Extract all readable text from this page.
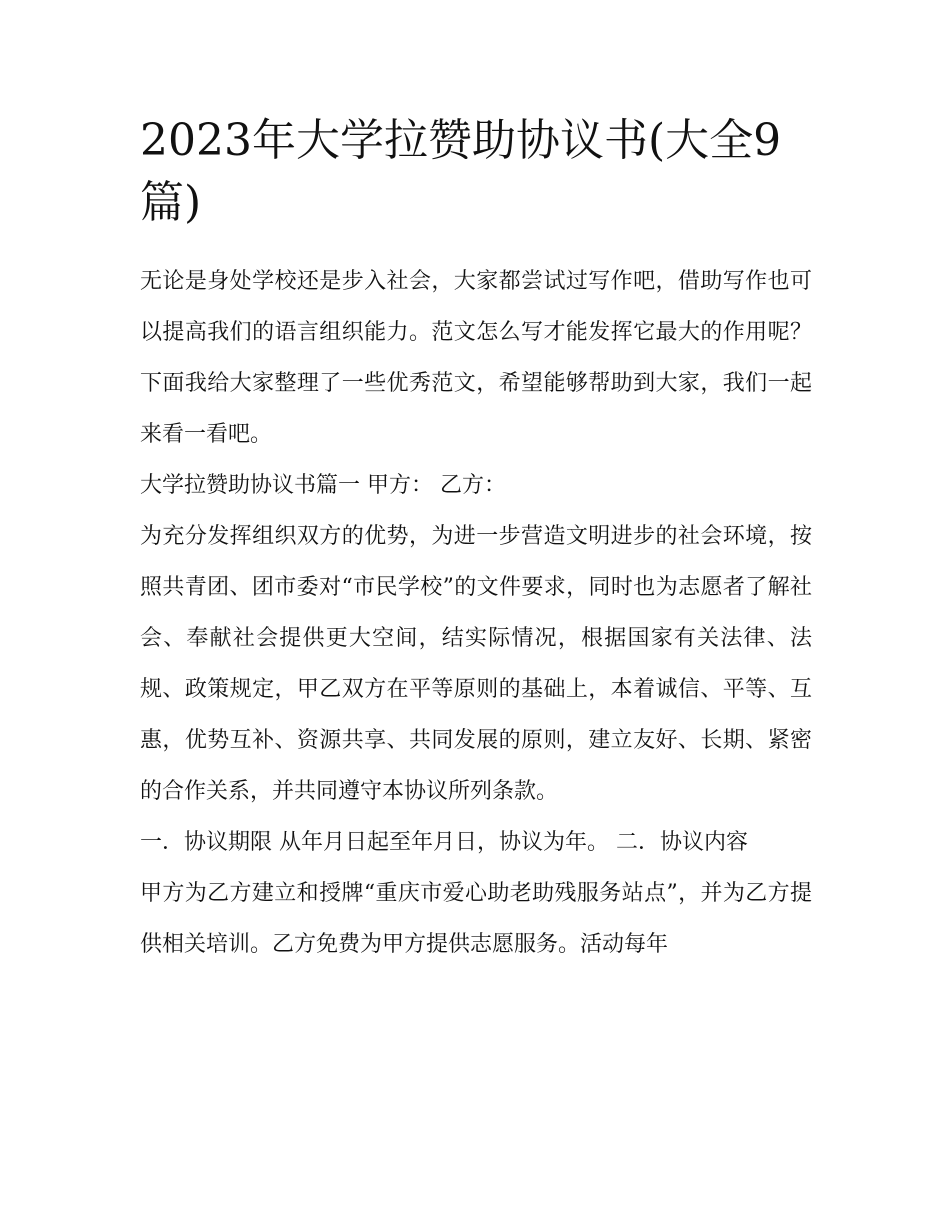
2023年大学拉赞助协议书(大全9篇)

无论是身处学校还是步入社会，大家都尝试过写作吧，借助写作也可以提高我们的语言组织能力。范文怎么写才能发挥它最大的作用呢？下面我给大家整理了一些优秀范文，希望能够帮助到大家，我们一起来看一看吧。

大学拉赞助协议书篇一 甲方： 乙方：

为充分发挥组织双方的优势，为进一步营造文明进步的社会环境，按照共青团、团市委对“市民学校”的文件要求，同时也为志愿者了解社会、奉献社会提供更大空间，结实际情况，根据国家有关法律、法规、政策规定，甲乙双方在平等原则的基础上，本着诚信、平等、互惠，优势互补、资源共享、共同发展的原则，建立友好、长期、紧密的合作关系，并共同遵守本协议所列条款。

一．协议期限 从年月日起至年月日，协议为年。 二．协议内容

甲方为乙方建立和授牌“重庆市爱心助老助残服务站点”，并为乙方提供相关培训。乙方免费为甲方提供志愿服务。活动每年
